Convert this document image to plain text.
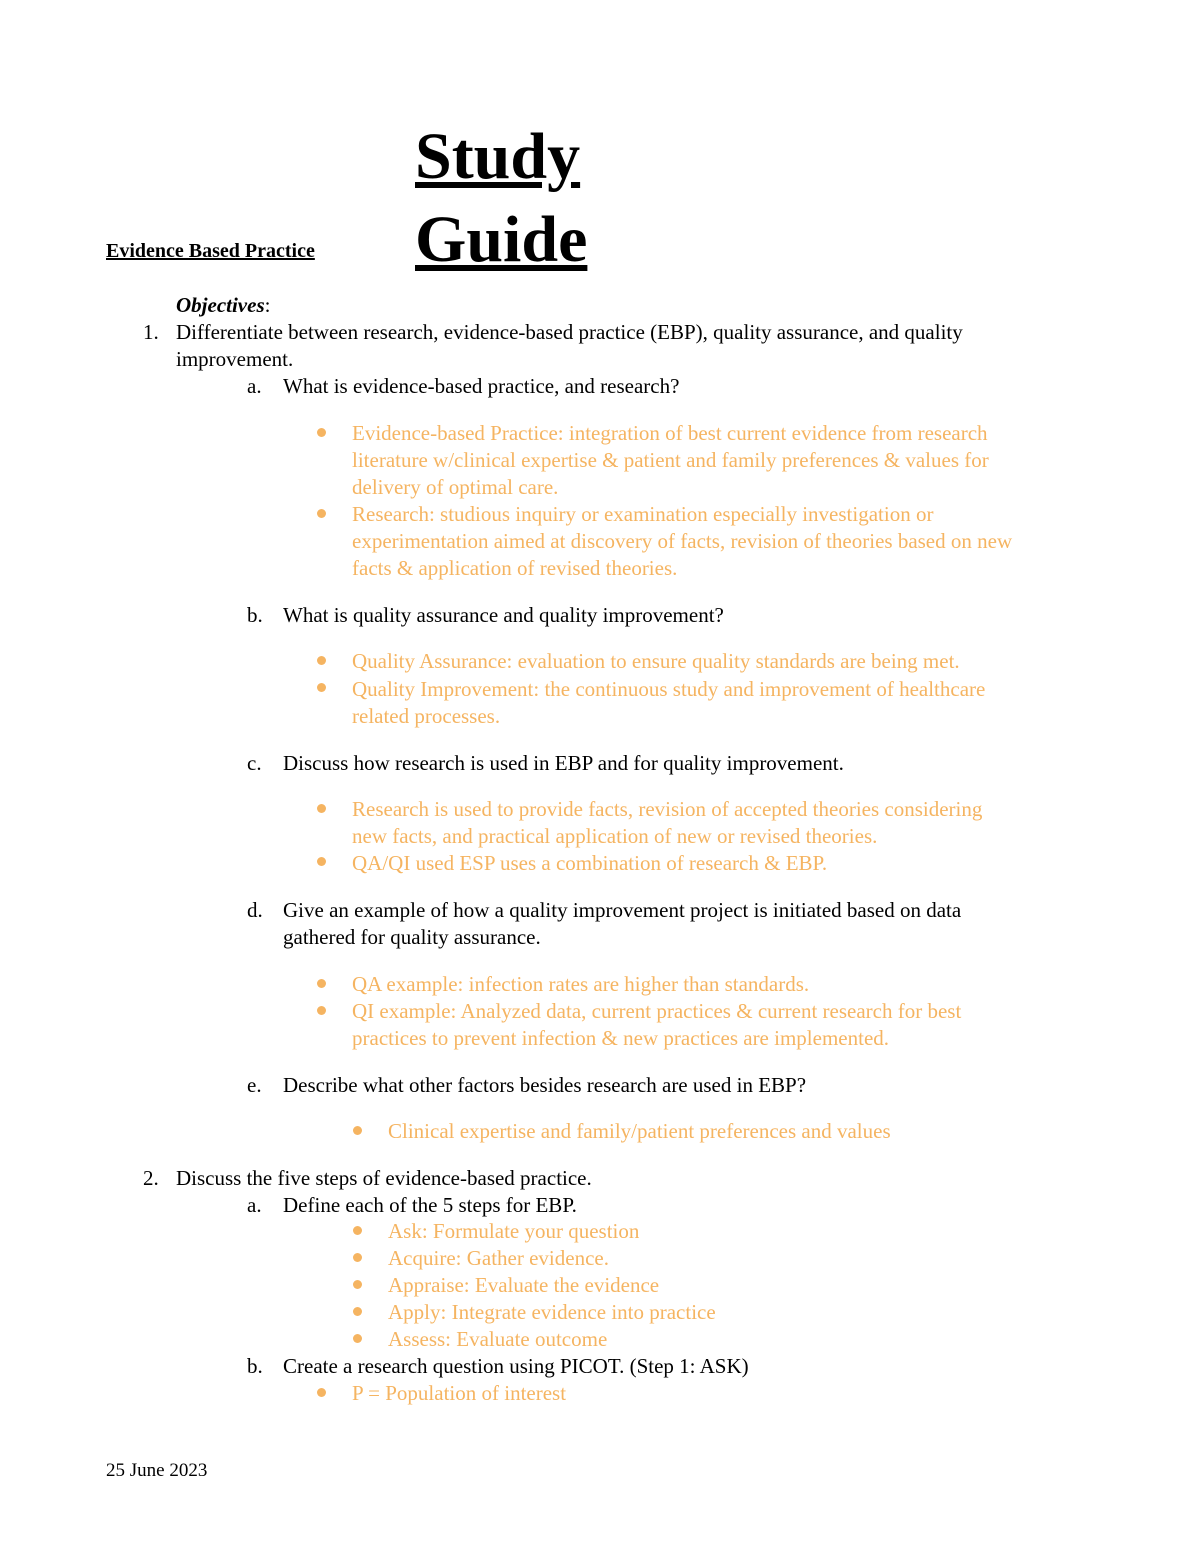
Evidence Based Practice
Study
Guide
Objectives:
1. Differentiate between research, evidence-based practice (EBP), quality assurance, and quality
improvement.
a. What is evidence-based practice, and research?
Evidence-based Practice: integration of best current evidence from research
literature w/clinical expertise & patient and family preferences & values for
delivery of optimal care.
Research: studious inquiry or examination especially investigation or
experimentation aimed at discovery of facts, revision of theories based on new
facts & application of revised theories.
b. What is quality assurance and quality improvement?
Quality Assurance: evaluation to ensure quality standards are being met.
Quality Improvement: the continuous study and improvement of healthcare
related processes.
c. Discuss how research is used in EBP and for quality improvement.
Research is used to provide facts, revision of accepted theories considering
new facts, and practical application of new or revised theories.
QA/QI used ESP uses a combination of research & EBP.
d. Give an example of how a quality improvement project is initiated based on data
gathered for quality assurance.
QA example: infection rates are higher than standards.
QI example: Analyzed data, current practices & current research for best
practices to prevent infection & new practices are implemented.
e. Describe what other factors besides research are used in EBP?
Clinical expertise and family/patient preferences and values
2. Discuss the five steps of evidence-based practice.
a. Define each of the 5 steps for EBP.
Ask: Formulate your question
Acquire: Gather evidence.
Appraise: Evaluate the evidence
Apply: Integrate evidence into practice
Assess: Evaluate outcome
b. Create a research question using PICOT. (Step 1: ASK)
P = Population of interest
25 June 2023
